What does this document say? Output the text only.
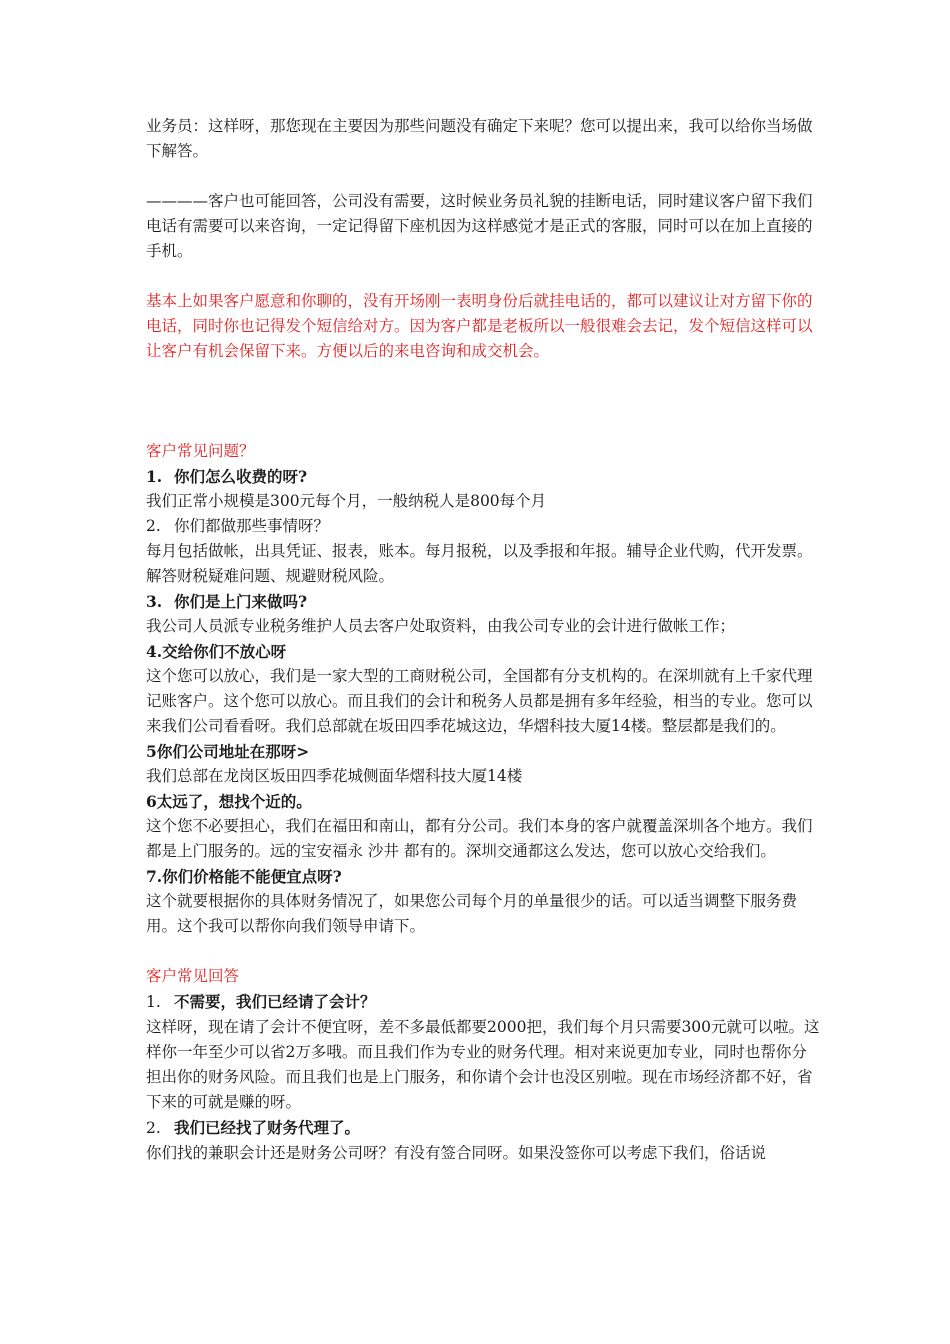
业务员：这样呀，那您现在主要因为那些问题没有确定下来呢？您可以提出来，我可以给你当场做下解答。

————客户也可能回答，公司没有需要，这时候业务员礼貌的挂断电话，同时建议客户留下我们电话有需要可以来咨询，一定记得留下座机因为这样感觉才是正式的客服，同时可以在加上直接的手机。

基本上如果客户愿意和你聊的，没有开场刚一表明身份后就挂电话的，都可以建议让对方留下你的电话，同时你也记得发个短信给对方。因为客户都是老板所以一般很难会去记，发个短信这样可以让客户有机会保留下来。方便以后的来电咨询和成交机会。

客户常见问题？

1. 你们怎么收费的呀?

我们正常小规模是300元每个月，一般纳税人是800每个月

2. 你们都做那些事情呀？

每月包括做帐，出具凭证、报表，账本。每月报税，以及季报和年报。辅导企业代购，代开发票。解答财税疑难问题、规避财税风险。

3. 你们是上门来做吗?

我公司人员派专业税务维护人员去客户处取资料，由我公司专业的会计进行做帐工作；

4.交给你们不放心呀

这个您可以放心，我们是一家大型的工商财税公司，全国都有分支机构的。在深圳就有上千家代理记账客户。这个您可以放心。而且我们的会计和税务人员都是拥有多年经验，相当的专业。您可以来我们公司看看呀。我们总部就在坂田四季花城这边，华熠科技大厦14楼。整层都是我们的。

5你们公司地址在那呀>

我们总部在龙岗区坂田四季花城侧面华熠科技大厦14楼

6太远了，想找个近的。

这个您不必要担心，我们在福田和南山，都有分公司。我们本身的客户就覆盖深圳各个地方。我们都是上门服务的。远的宝安福永 沙井 都有的。深圳交通都这么发达，您可以放心交给我们。

7.你们价格能不能便宜点呀?

这个就要根据你的具体财务情况了，如果您公司每个月的单量很少的话。可以适当调整下服务费用。这个我可以帮你向我们领导申请下。

客户常见回答

1. 不需要，我们已经请了会计？

这样呀，现在请了会计不便宜呀，差不多最低都要2000把，我们每个月只需要300元就可以啦。这样你一年至少可以省2万多哦。而且我们作为专业的财务代理。相对来说更加专业，同时也帮你分担出你的财务风险。而且我们也是上门服务，和你请个会计也没区别啦。现在市场经济都不好，省下来的可就是赚的呀。

2. 我们已经找了财务代理了。

你们找的兼职会计还是财务公司呀？有没有签合同呀。如果没签你可以考虑下我们，俗话说
